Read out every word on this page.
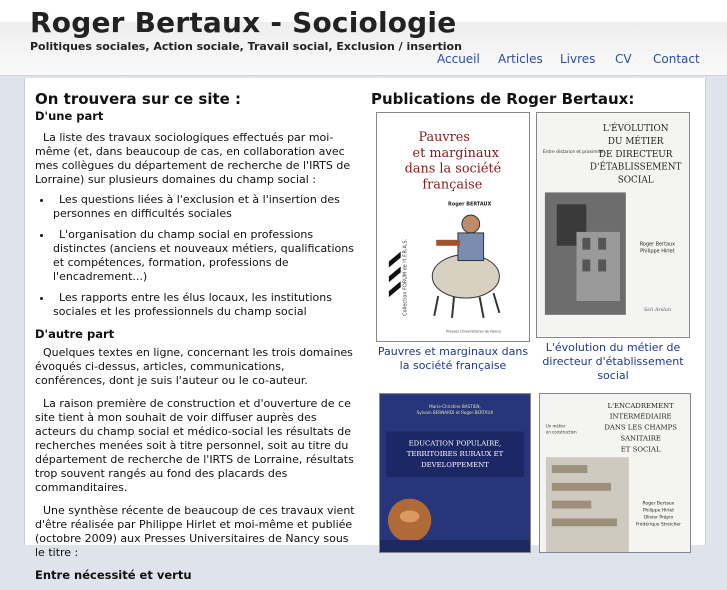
Roger Bertaux - Sociologie
Politiques sociales, Action sociale, Travail social, Exclusion / insertion
Accueil Articles Livres CV Contact
On trouvera sur ce site :
D'une part

La liste des travaux sociologiques effectués par moi-même (et, dans beaucoup de cas, en collaboration avec mes collègues du département de recherche de l'IRTS de Lorraine) sur plusieurs domaines du champ social :

• Les questions liées à l'exclusion et à l'insertion des personnes en difficultés sociales
• L'organisation du champ social en professions distinctes (anciens et nouveaux métiers, qualifications et compétences, formation, professions de l'encadrement...)
• Les rapports entre les élus locaux, les institutions sociales et les professionnels du champ social
D'autre part

Quelques textes en ligne, concernant les trois domaines évoqués ci-dessus, articles, communications, conférences, dont je suis l'auteur ou le co-auteur.

La raison première de construction et d'ouverture de ce site tient à mon souhait de voir diffuser auprès des acteurs du champ social et médico-social les résultats de recherches menées soit à titre personnel, soit au titre du département de recherche de l'IRTS de Lorraine, résultats trop souvent rangés au fond des placards des commanditaires.

Une synthèse récente de beaucoup de ces travaux vient d'être réalisée par Philippe Hirlet et moi-même et publiée (octobre 2009) aux Presses Universitaires de Nancy sous le titre :

Entre nécessité et vertu
Publications de Roger Bertaux:
Pauvres
et marginaux
dans la société
française
Roger BERTAUX
Collection FORUM de l'I.F.R.A.S.
Presses Universitaires de Nancy
Pauvres et marginaux dans la société française
Entre distance et proximité
L'ÉVOLUTION
DU MÉTIER
DE DIRECTEUR
D'ÉTABLISSEMENT
SOCIAL
Roger Bertaux
Philippe Hirlet
Seli Arslan
L'évolution du métier de directeur d'établissement social
Marie-Christine BASTIEN,
Sylvain BERNARDI et Roger BERTAUX
EDUCATION POPULAIRE,
TERRITOIRES RURAUX ET
DEVELOPPEMENT
L'ENCADREMENT
INTERMÉDIAIRE
DANS LES CHAMPS
SANITAIRE
ET SOCIAL
Un métier
en construction
Roger Bertaux
Philippe Hirlet
Olivier Prépin
Frédérique Streicher
